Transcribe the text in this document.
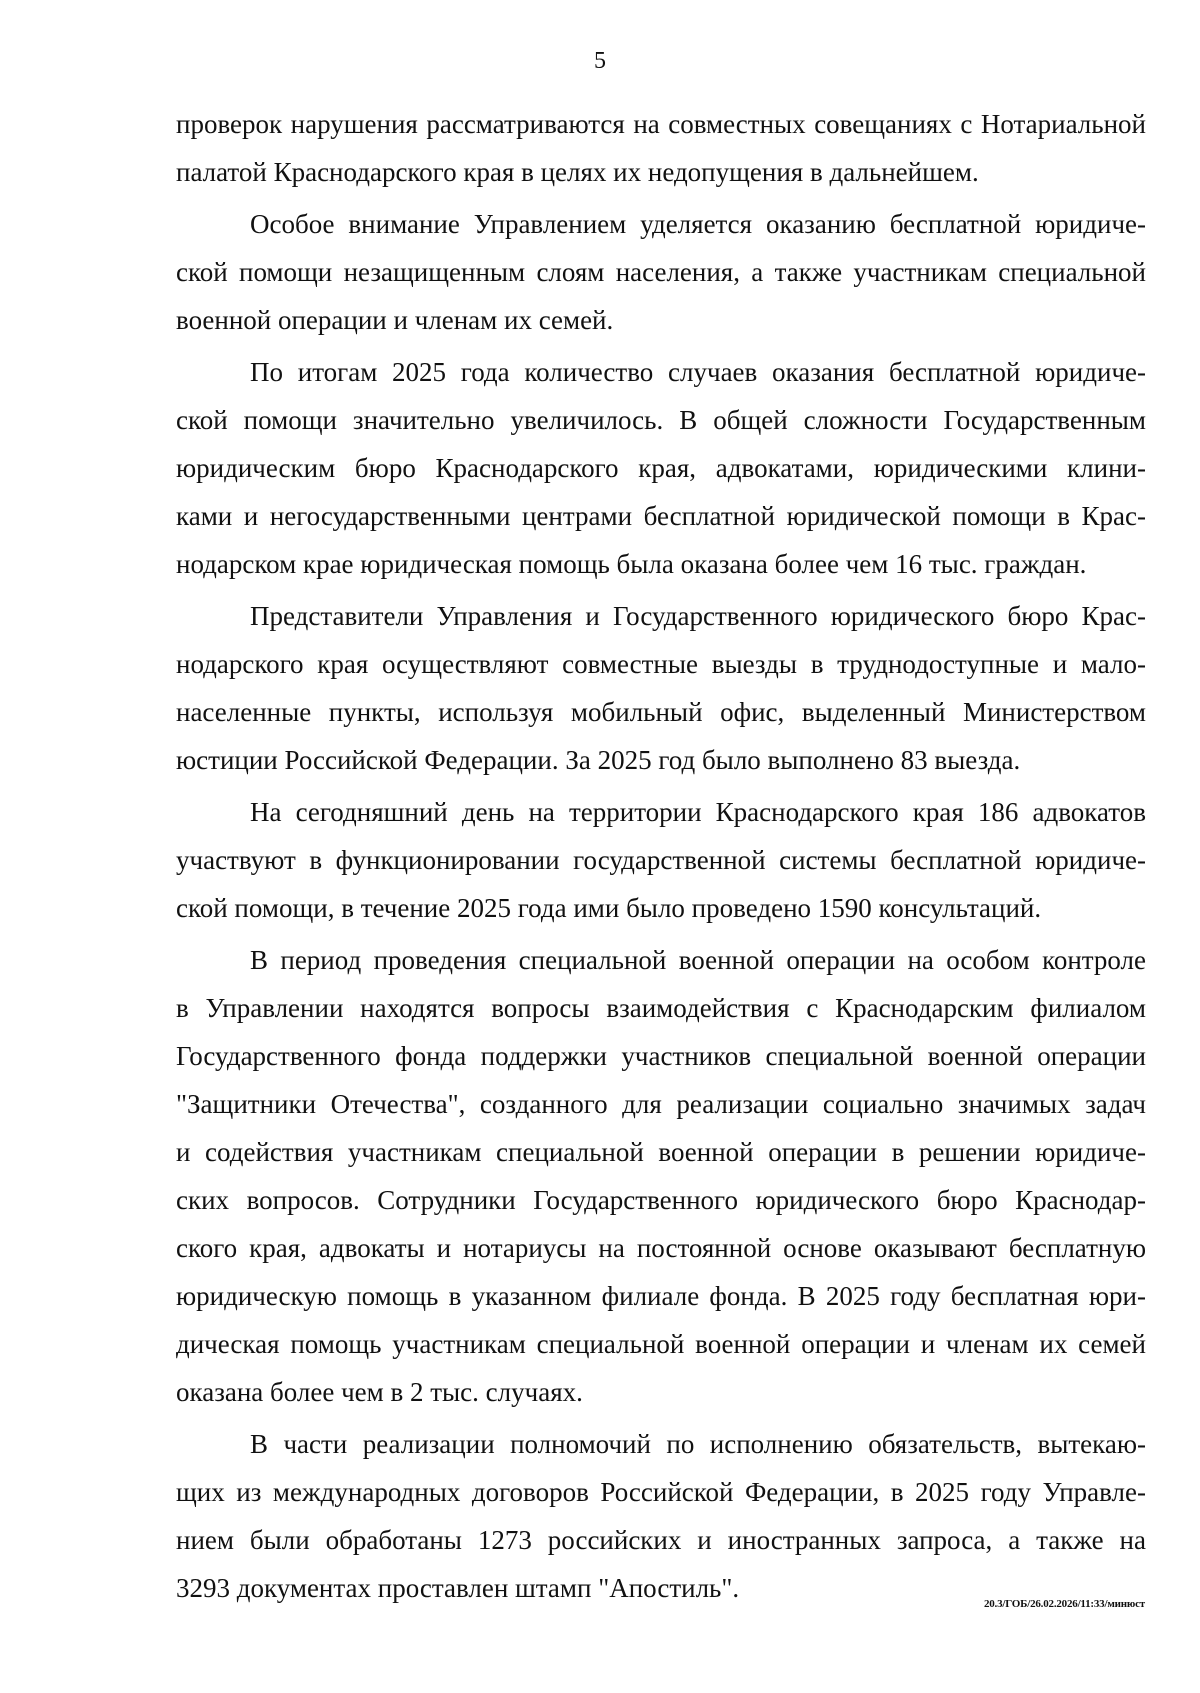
5
проверок нарушения рассматриваются на совместных совещаниях с Нотариальной
палатой Краснодарского края в целях их недопущения в дальнейшем.
Особое внимание Управлением уделяется оказанию бесплатной юридиче-
ской помощи незащищенным слоям населения, а также участникам специальной
военной операции и членам их семей.
По итогам 2025 года количество случаев оказания бесплатной юридиче-
ской помощи значительно увеличилось. В общей сложности Государственным
юридическим бюро Краснодарского края, адвокатами, юридическими клини-
ками и негосударственными центрами бесплатной юридической помощи в Крас-
нодарском крае юридическая помощь была оказана более чем 16 тыс. граждан.
Представители Управления и Государственного юридического бюро Крас-
нодарского края осуществляют совместные выезды в труднодоступные и мало-
населенные пункты, используя мобильный офис, выделенный Министерством
юстиции Российской Федерации. За 2025 год было выполнено 83 выезда.
На сегодняшний день на территории Краснодарского края 186 адвокатов
участвуют в функционировании государственной системы бесплатной юридиче-
ской помощи, в течение 2025 года ими было проведено 1590 консультаций.
В период проведения специальной военной операции на особом контроле
в Управлении находятся вопросы взаимодействия с Краснодарским филиалом
Государственного фонда поддержки участников специальной военной операции
"Защитники Отечества", созданного для реализации социально значимых задач
и содействия участникам специальной военной операции в решении юридиче-
ских вопросов. Сотрудники Государственного юридического бюро Краснодар-
ского края, адвокаты и нотариусы на постоянной основе оказывают бесплатную
юридическую помощь в указанном филиале фонда. В 2025 году бесплатная юри-
дическая помощь участникам специальной военной операции и членам их семей
оказана более чем в 2 тыс. случаях.
В части реализации полномочий по исполнению обязательств, вытекаю-
щих из международных договоров Российской Федерации, в 2025 году Управле-
нием были обработаны 1273 российских и иностранных запроса, а также на
3293 документах проставлен штамп "Апостиль".
20.3/ГОБ/26.02.2026/11:33/минюст
